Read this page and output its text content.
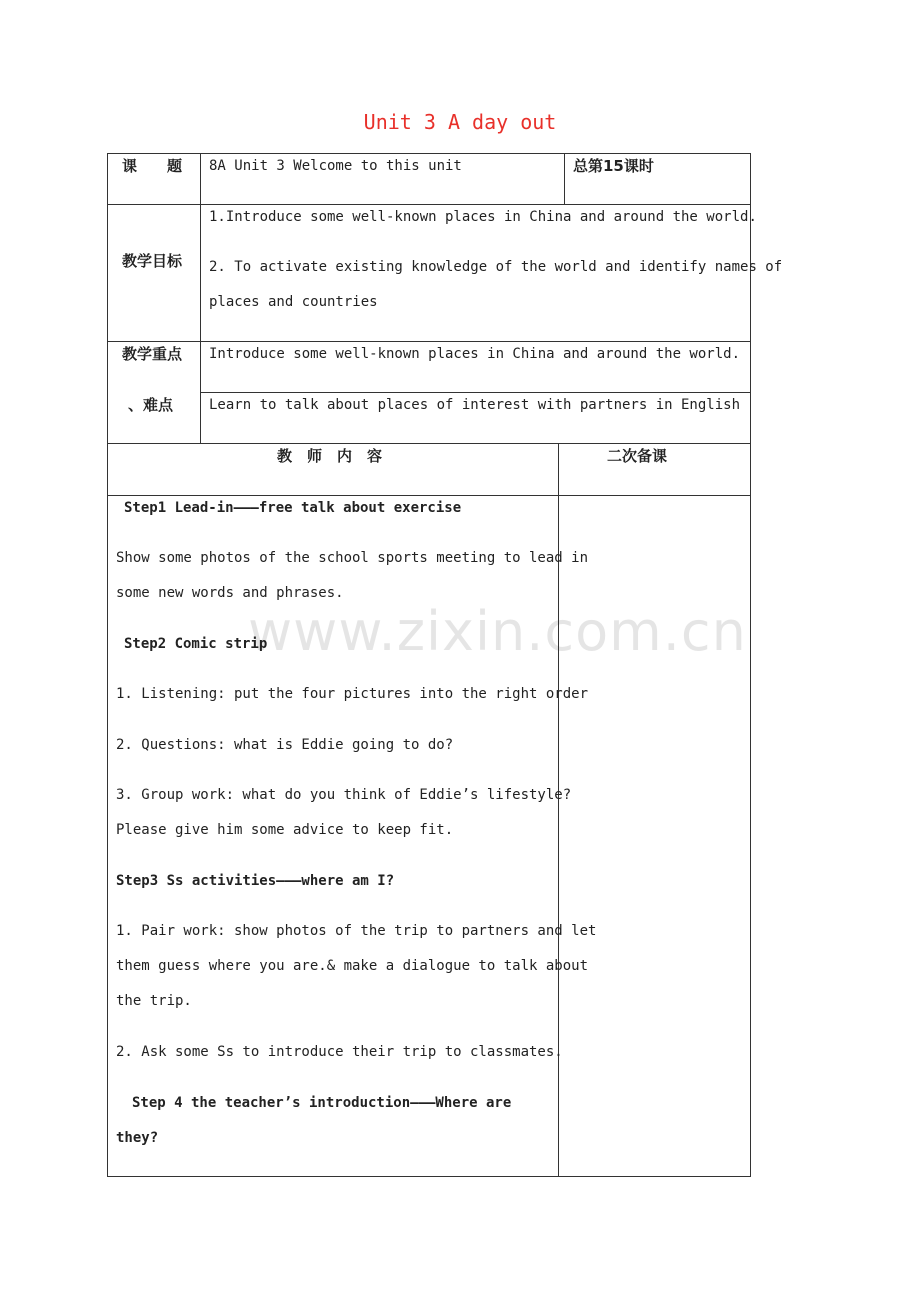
Unit 3 A day out
www.zixin.com.cn
课　　题 8A Unit 3 Welcome to this unit	总第15课时
教学目标
1.Introduce some well-known places in China and around the world.
2. To activate existing knowledge of the world and identify names of
places and countries
教学重点
、难点
Introduce some well-known places in China and around the world.
Learn to talk about places of interest with partners in English
教　师　内　容	二次备课
Step1 Lead-in———free talk about exercise
Show some photos of the school sports meeting to lead in
some new words and phrases.
Step2 Comic strip
1. Listening: put the four pictures into the right order
2. Questions: what is Eddie going to do?
3. Group work: what do you think of Eddie’s lifestyle?
Please give him some advice to keep fit.
Step3 Ss activities———where am I?
1. Pair work: show photos of the trip to partners and let
them guess where you are.& make a dialogue to talk about
the trip.
2. Ask some Ss to introduce their trip to classmates.
Step 4 the teacher’s introduction———Where are
they?
